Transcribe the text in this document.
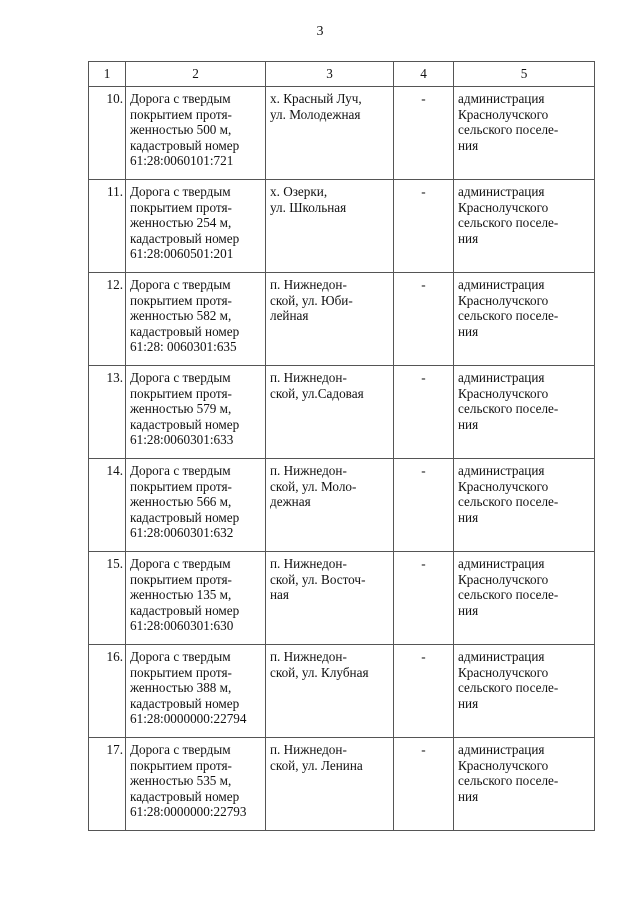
3
1	2	3	4	5

10.	Дорога с твердым
покрытием протя-
женностью 500 м,
кадастровый номер
61:28:0060101:721	х. Красный Луч,
ул. Молодежная	-	администрация
Краснолучского
сельского поселе-
ния

11.	Дорога с твердым
покрытием протя-
женностью 254 м,
кадастровый номер
61:28:0060501:201	х. Озерки,
ул. Школьная	-	администрация
Краснолучского
сельского поселе-
ния

12.	Дорога с твердым
покрытием протя-
женностью 582 м,
кадастровый номер
61:28: 0060301:635	п. Нижнедон-
ской, ул. Юби-
лейная	-	администрация
Краснолучского
сельского поселе-
ния

13.	Дорога с твердым
покрытием протя-
женностью 579 м,
кадастровый номер
61:28:0060301:633	п. Нижнедон-
ской, ул.Садовая	-	администрация
Краснолучского
сельского поселе-
ния

14.	Дорога с твердым
покрытием протя-
женностью 566 м,
кадастровый номер
61:28:0060301:632	п. Нижнедон-
ской, ул. Моло-
дежная	-	администрация
Краснолучского
сельского поселе-
ния

15.	Дорога с твердым
покрытием протя-
женностью 135 м,
кадастровый номер
61:28:0060301:630	п. Нижнедон-
ской, ул. Восточ-
ная	-	администрация
Краснолучского
сельского поселе-
ния

16.	Дорога с твердым
покрытием протя-
женностью 388 м,
кадастровый номер
61:28:0000000:22794	п. Нижнедон-
ской, ул. Клубная	-	администрация
Краснолучского
сельского поселе-
ния

17.	Дорога с твердым
покрытием протя-
женностью 535 м,
кадастровый номер
61:28:0000000:22793	п. Нижнедон-
ской, ул. Ленина	-	администрация
Краснолучского
сельского поселе-
ния
